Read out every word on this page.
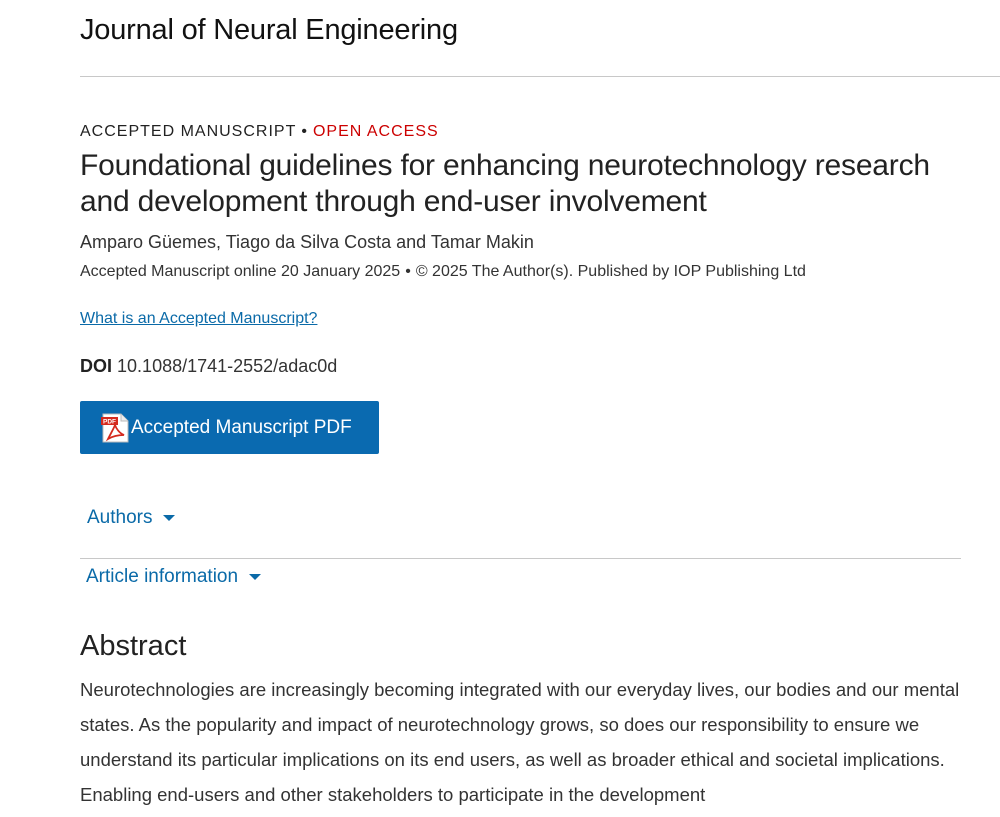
Journal of Neural Engineering
ACCEPTED MANUSCRIPT • OPEN ACCESS
Foundational guidelines for enhancing neurotechnology research and development through end-user involvement
Amparo Güemes, Tiago da Silva Costa and Tamar Makin
Accepted Manuscript online 20 January 2025 • © 2025 The Author(s). Published by IOP Publishing Ltd
What is an Accepted Manuscript?
DOI 10.1088/1741-2552/adac0d
PDF Accepted Manuscript PDF
Authors
Article information
Abstract

Neurotechnologies are increasingly becoming integrated with our everyday lives, our bodies and our mental states. As the popularity and impact of neurotechnology grows, so does our responsibility to ensure we understand its particular implications on its end users, as well as broader ethical and societal implications. Enabling end-users and other stakeholders to participate in the development
